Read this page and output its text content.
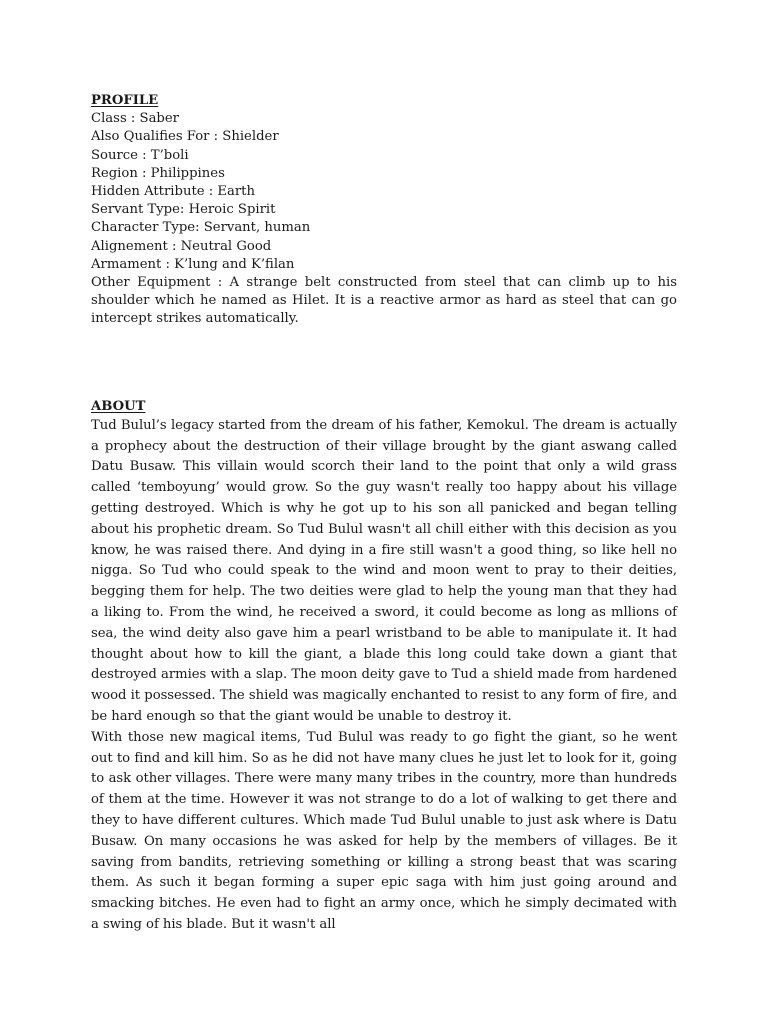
PROFILE

Class : Saber

Also Qualifies For : Shielder

Source : T’boli

Region : Philippines

Hidden Attribute : Earth

Servant Type: Heroic Spirit

Character Type: Servant, human

Alignement : Neutral Good

Armament : K’lung and K’filan

Other Equipment : A strange belt constructed from steel that can climb up to his shoulder which he named as Hilet. It is a reactive armor as hard as steel that can go intercept strikes automatically.

ABOUT

Tud Bulul’s legacy started from the dream of his father, Kemokul. The dream is actually a prophecy about the destruction of their village brought by the giant aswang called Datu Busaw. This villain would scorch their land to the point that only a wild grass called ‘temboyung’ would grow. So the guy wasn't really too happy about his village getting destroyed. Which is why he got up to his son all panicked and began telling about his prophetic dream. So Tud Bulul wasn't all chill either with this decision as you know, he was raised there. And dying in a fire still wasn't a good thing, so like hell no nigga. So Tud who could speak to the wind and moon went to pray to their deities, begging them for help. The two deities were glad to help the young man that they had a liking to. From the wind, he received a sword, it could become as long as mllions of sea, the wind deity also gave him a pearl wristband to be able to manipulate it. It had thought about how to kill the giant, a blade this long could take down a giant that destroyed armies with a slap. The moon deity gave to Tud a shield made from hardened wood it possessed. The shield was magically enchanted to resist to any form of fire, and be hard enough so that the giant would be unable to destroy it.

With those new magical items, Tud Bulul was ready to go fight the giant, so he went out to find and kill him. So as he did not have many clues he just let to look for it, going to ask other villages. There were many many tribes in the country, more than hundreds of them at the time. However it was not strange to do a lot of walking to get there and they to have different cultures. Which made Tud Bulul unable to just ask where is Datu Busaw. On many occasions he was asked for help by the members of villages. Be it saving from bandits, retrieving something or killing a strong beast that was scaring them. As such it began forming a super epic saga with him just going around and smacking bitches. He even had to fight an army once, which he simply decimated with a swing of his blade. But it wasn't all
